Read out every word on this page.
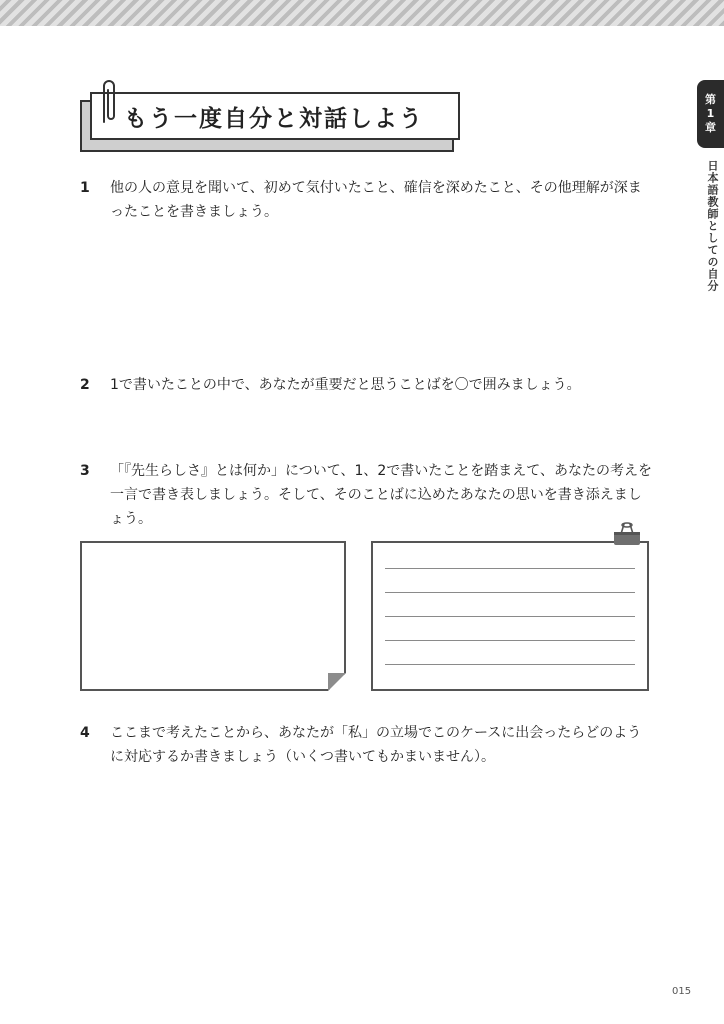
第
1
章
日本語教師としての自分
もう一度自分と対話しよう
1 他の人の意見を聞いて、初めて気付いたこと、確信を深めたこと、その他理解が深まったことを書きましょう。
2 1で書いたことの中で、あなたが重要だと思うことばを〇で囲みましょう。
3 「『先生らしさ』とは何か」について、1、2で書いたことを踏まえて、あなたの考えを一言で書き表しましょう。そして、そのことばに込めたあなたの思いを書き添えましょう。
4 ここまで考えたことから、あなたが「私」の立場でこのケースに出会ったらどのように対応するか書きましょう（いくつ書いてもかまいません）。
015
